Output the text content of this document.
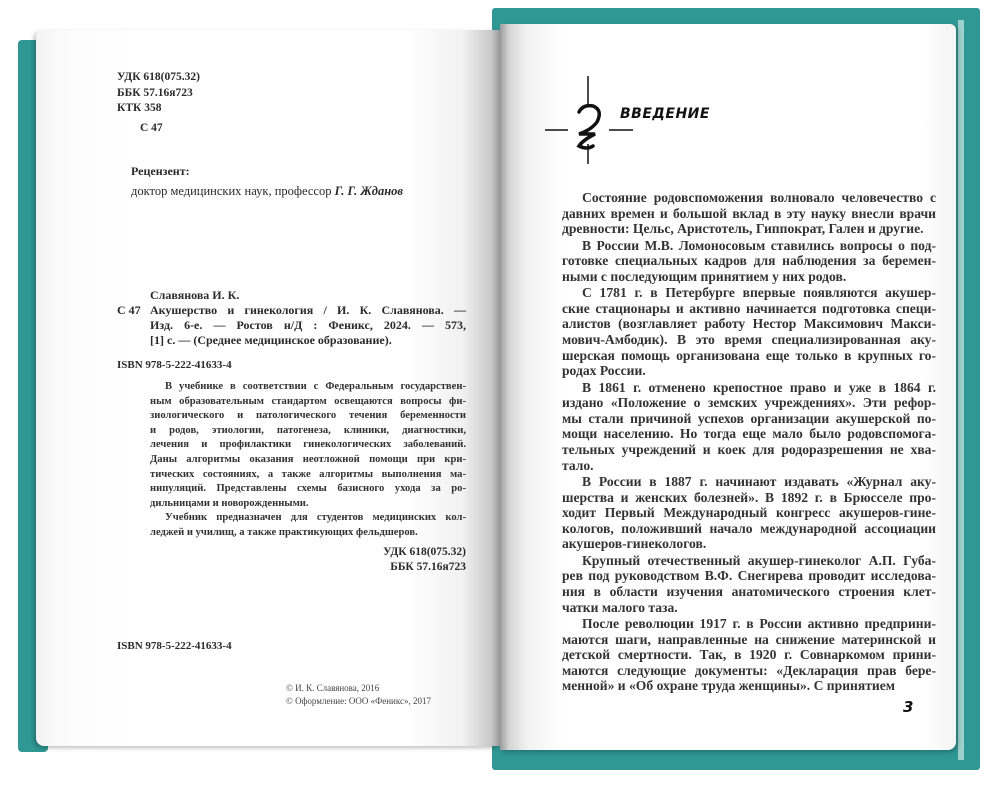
УДК 618(075.32)
ББК 57.16я723
КТК 358
С 47
Рецензент:
доктор медицинских наук, профессор Г. Г. Жданов
Славянова И. К.
С 47 Акушерство и гинекология / И. К. Славянова. —
Изд. 6-е. — Ростов н/Д : Феникс, 2024. — 573,
[1] с. — (Среднее медицинское образование).
ISBN 978-5-222-41633-4
В учебнике в соответствии с Федеральным государствен-
ным образовательным стандартом освещаются вопросы фи-
зиологического и патологического течения беременности
и родов, этиологии, патогенеза, клиники, диагностики,
лечения и профилактики гинекологических заболеваний.
Даны алгоритмы оказания неотложной помощи при кри-
тических состояниях, а также алгоритмы выполнения ма-
нипуляций. Представлены схемы базисного ухода за ро-
дильницами и новорожденными.
Учебник предназначен для студентов медицинских кол-
леджей и училищ, а также практикующих фельдшеров.
УДК 618(075.32)
ББК 57.16я723
ISBN 978-5-222-41633-4
© И. К. Славянова, 2016
© Оформление: ООО «Феникс», 2017
ВВЕДЕНИЕ
Состояние родовспоможения волновало человечество с
давних времен и большой вклад в эту науку внесли врачи
древности: Цельс, Аристотель, Гиппократ, Гален и другие.
В России М.В. Ломоносовым ставились вопросы о под-
готовке специальных кадров для наблюдения за беремен-
ными с последующим принятием у них родов.
С 1781 г. в Петербурге впервые появляются акушер-
ские стационары и активно начинается подготовка специ-
алистов (возглавляет работу Нестор Максимович Макси-
мович-Амбодик). В это время специализированная аку-
шерская помощь организована еще только в крупных го-
родах России.
В 1861 г. отменено крепостное право и уже в 1864 г.
издано «Положение о земских учреждениях». Эти рефор-
мы стали причиной успехов организации акушерской по-
мощи населению. Но тогда еще мало было родовспомога-
тельных учреждений и коек для родоразрешения не хва-
тало.
В России в 1887 г. начинают издавать «Журнал аку-
шерства и женских болезней». В 1892 г. в Брюсселе про-
ходит Первый Международный конгресс акушеров-гине-
кологов, положивший начало международной ассоциации
акушеров-гинекологов.
Крупный отечественный акушер-гинеколог А.П. Губа-
рев под руководством В.Ф. Снегирева проводит исследова-
ния в области изучения анатомического строения клет-
чатки малого таза.
После революции 1917 г. в России активно предприни-
маются шаги, направленные на снижение материнской и
детской смертности. Так, в 1920 г. Совнаркомом прини-
маются следующие документы: «Декларация прав бере-
менной» и «Об охране труда женщины». С принятием
3
